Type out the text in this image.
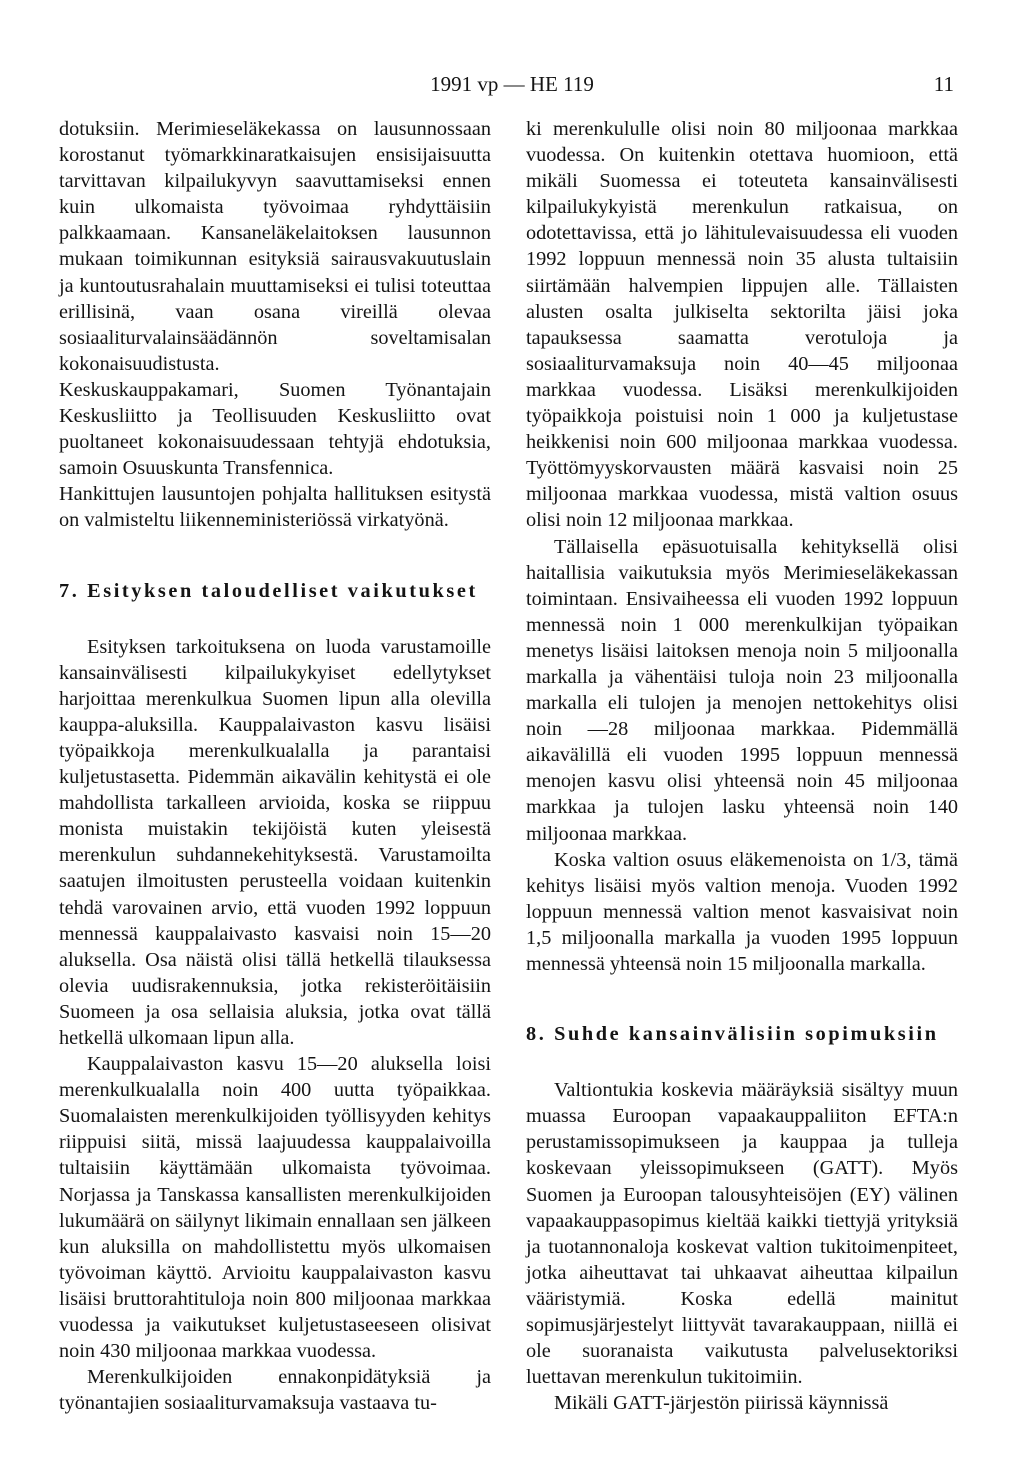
1991 vp — HE 119	11

dotuksiin. Merimieseläkekassa on lausunnossaan korostanut työmarkkinaratkaisujen ensisijaisuutta tarvittavan kilpailukyvyn saavuttamiseksi ennen kuin ulkomaista työvoimaa ryhdyttäisiin palkkaamaan. Kansaneläkelaitoksen lausunnon mukaan toimikunnan esityksiä sairausvakuutuslain ja kuntoutusrahalain muuttamiseksi ei tulisi toteuttaa erillisinä, vaan osana vireillä olevaa sosiaaliturvalainsäädännön soveltamisalan kokonaisuudistusta.

Keskuskauppakamari, Suomen Työnantajain Keskusliitto ja Teollisuuden Keskusliitto ovat puoltaneet kokonaisuudessaan tehtyjä ehdotuksia, samoin Osuuskunta Transfennica.

Hankittujen lausuntojen pohjalta hallituksen esitystä on valmisteltu liikenneministeriössä virkatyönä.

7. Esityksen taloudelliset vaikutukset

Esityksen tarkoituksena on luoda varustamoille kansainvälisesti kilpailukykyiset edellytykset harjoittaa merenkulkua Suomen lipun alla olevilla kauppa-aluksilla. Kauppalaivaston kasvu lisäisi työpaikkoja merenkulkualalla ja parantaisi kuljetustasetta. Pidemmän aikavälin kehitystä ei ole mahdollista tarkalleen arvioida, koska se riippuu monista muistakin tekijöistä kuten yleisestä merenkulun suhdannekehityksestä. Varustamoilta saatujen ilmoitusten perusteella voidaan kuitenkin tehdä varovainen arvio, että vuoden 1992 loppuun mennessä kauppalaivasto kasvaisi noin 15—20 aluksella. Osa näistä olisi tällä hetkellä tilauksessa olevia uudisrakennuksia, jotka rekisteröitäisiin Suomeen ja osa sellaisia aluksia, jotka ovat tällä hetkellä ulkomaan lipun alla.

Kauppalaivaston kasvu 15—20 aluksella loisi merenkulkualalla noin 400 uutta työpaikkaa. Suomalaisten merenkulkijoiden työllisyyden kehitys riippuisi siitä, missä laajuudessa kauppalaivoilla tultaisiin käyttämään ulkomaista työvoimaa. Norjassa ja Tanskassa kansallisten merenkulkijoiden lukumäärä on säilynyt likimain ennallaan sen jälkeen kun aluksilla on mahdollistettu myös ulkomaisen työvoiman käyttö. Arvioitu kauppalaivaston kasvu lisäisi bruttorahtituloja noin 800 miljoonaa markkaa vuodessa ja vaikutukset kuljetustaseeseen olisivat noin 430 miljoonaa markkaa vuodessa.

Merenkulkijoiden ennakonpidätyksiä ja työnantajien sosiaaliturvamaksuja vastaava tu-

ki merenkululle olisi noin 80 miljoonaa markkaa vuodessa. On kuitenkin otettava huomioon, että mikäli Suomessa ei toteuteta kansainvälisesti kilpailukykyistä merenkulun ratkaisua, on odotettavissa, että jo lähitulevaisuudessa eli vuoden 1992 loppuun mennessä noin 35 alusta tultaisiin siirtämään halvempien lippujen alle. Tällaisten alusten osalta julkiselta sektorilta jäisi joka tapauksessa saamatta verotuloja ja sosiaaliturvamaksuja noin 40—45 miljoonaa markkaa vuodessa. Lisäksi merenkulkijoiden työpaikkoja poistuisi noin 1 000 ja kuljetustase heikkenisi noin 600 miljoonaa markkaa vuodessa. Työttömyyskorvausten määrä kasvaisi noin 25 miljoonaa markkaa vuodessa, mistä valtion osuus olisi noin 12 miljoonaa markkaa.

Tällaisella epäsuotuisalla kehityksellä olisi haitallisia vaikutuksia myös Merimieseläkekassan toimintaan. Ensivaiheessa eli vuoden 1992 loppuun mennessä noin 1 000 merenkulkijan työpaikan menetys lisäisi laitoksen menoja noin 5 miljoonalla markalla ja vähentäisi tuloja noin 23 miljoonalla markalla eli tulojen ja menojen nettokehitys olisi noin —28 miljoonaa markkaa. Pidemmällä aikavälillä eli vuoden 1995 loppuun mennessä menojen kasvu olisi yhteensä noin 45 miljoonaa markkaa ja tulojen lasku yhteensä noin 140 miljoonaa markkaa.

Koska valtion osuus eläkemenoista on 1/3, tämä kehitys lisäisi myös valtion menoja. Vuoden 1992 loppuun mennessä valtion menot kasvaisivat noin 1,5 miljoonalla markalla ja vuoden 1995 loppuun mennessä yhteensä noin 15 miljoonalla markalla.

8. Suhde kansainvälisiin sopimuksiin

Valtiontukia koskevia määräyksiä sisältyy muun muassa Euroopan vapaakauppaliiton EFTA:n perustamissopimukseen ja kauppaa ja tulleja koskevaan yleissopimukseen (GATT). Myös Suomen ja Euroopan talousyhteisöjen (EY) välinen vapaakauppasopimus kieltää kaikki tiettyjä yrityksiä ja tuotannonaloja koskevat valtion tukitoimenpiteet, jotka aiheuttavat tai uhkaavat aiheuttaa kilpailun vääristymiä. Koska edellä mainitut sopimusjärjestelyt liittyvät tavarakauppaan, niillä ei ole suoranaista vaikutusta palvelusektoriksi luettavan merenkulun tukitoimiin.

Mikäli GATT-järjestön piirissä käynnissä
